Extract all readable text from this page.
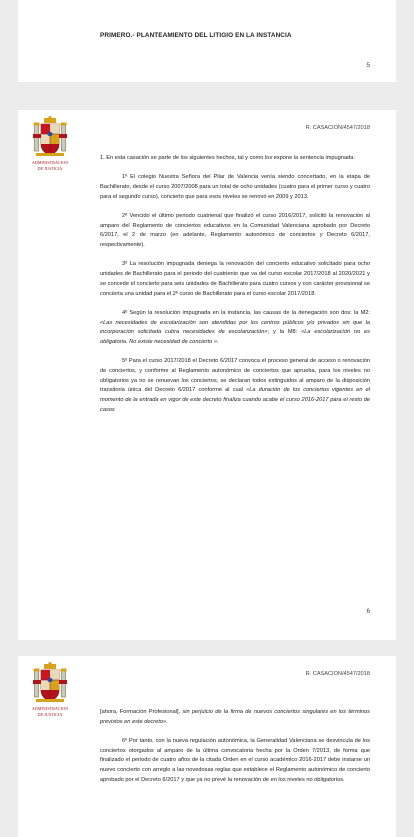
PRIMERO.- PLANTEAMIENTO DEL LITIGIO EN LA INSTANCIA
5
ADMINISTRACION
DE JUSTICIA
R. CASACION/4547/2018

1. En esta casación se parte de los siguientes hechos, tal y como los expone la sentencia impugnada:

1º El colegio Nuestra Señora del Pilar de Valencia venía siendo concertado, en la etapa de Bachillerato, desde el curso 2007/2008 para un total de ocho unidades (cuatro para el primer curso y cuatro para el segundo curso), concierto que para esos niveles se renovó en 2009 y 2013.

2º Vencido el último periodo cuatrienal que finalizó el curso 2016/2017, solicitó la renovación al amparo del Reglamento de conciertos educativos en la Comunidad Valenciana aprobado por Decreto 6/2017, el 2 de marzo (en adelante, Reglamento autonómico de conciertos y Decreto 6/2017, respectivamente).

3º La resolución impugnada deniega la renovación del concierto educativo solicitado para ocho unidades de Bachillerato para el periodo del cuatrienio que va del curso escolar 2017/2018 al 2020/2021 y se concede el concierto para seis unidades de Bachillerato para cuatro cursos y con carácter provisional se concierta una unidad para el 2º curso de Bachillerato para el curso escolar 2017/2018.

4º Según la resolución impugnada en la instancia, las causas de la denegación son dos: la M2: «Las necesidades de escolarización son atendidas por los centros públicos y/o privados sin que la incorporación solicitada cubra necesidades de escolarización»; y la M8: «La escolarización no es obligatoria. No existe necesidad de concierto ».

5º Para el curso 2017/2018 el Decreto 6/2017 convoca el proceso general de acceso o renovación de conciertos, y conforme al Reglamento autonómico de conciertos que aprueba, para los niveles no obligatorios ya no se renuevan los conciertos, se declaran todos extinguidos al amparo de la disposición transitoria única del Decreto 6/2017 conforme al cual «La duración de los conciertos vigentes en el momento de la entrada en vigor de este decreto finaliza cuando acabe el curso 2016-2017 para el resto de casos

6
ADMINISTRACION
DE JUSTICIA
R. CASACION/4547/2018

[ahora, Formación Profesional], sin perjuicio de la firma de nuevos conciertos singulares en los términos previstos en este decreto».

6º Por tanto, con la nueva regulación autonómica, la Generalidad Valenciana se desvincula de los conciertos otorgados al amparo de la última convocatoria hecha por la Orden 7/2013, de forma que finalizado el periodo de cuatro años de la citada Orden en el curso académico 2016-2017 debe instarse un nuevo concierto con arreglo a las novedosas reglas que establece el Reglamento autonómico de concierto aprobado por el Decreto 6/2017 y que ya no prevé la renovación de en los niveles no obligatorios.
